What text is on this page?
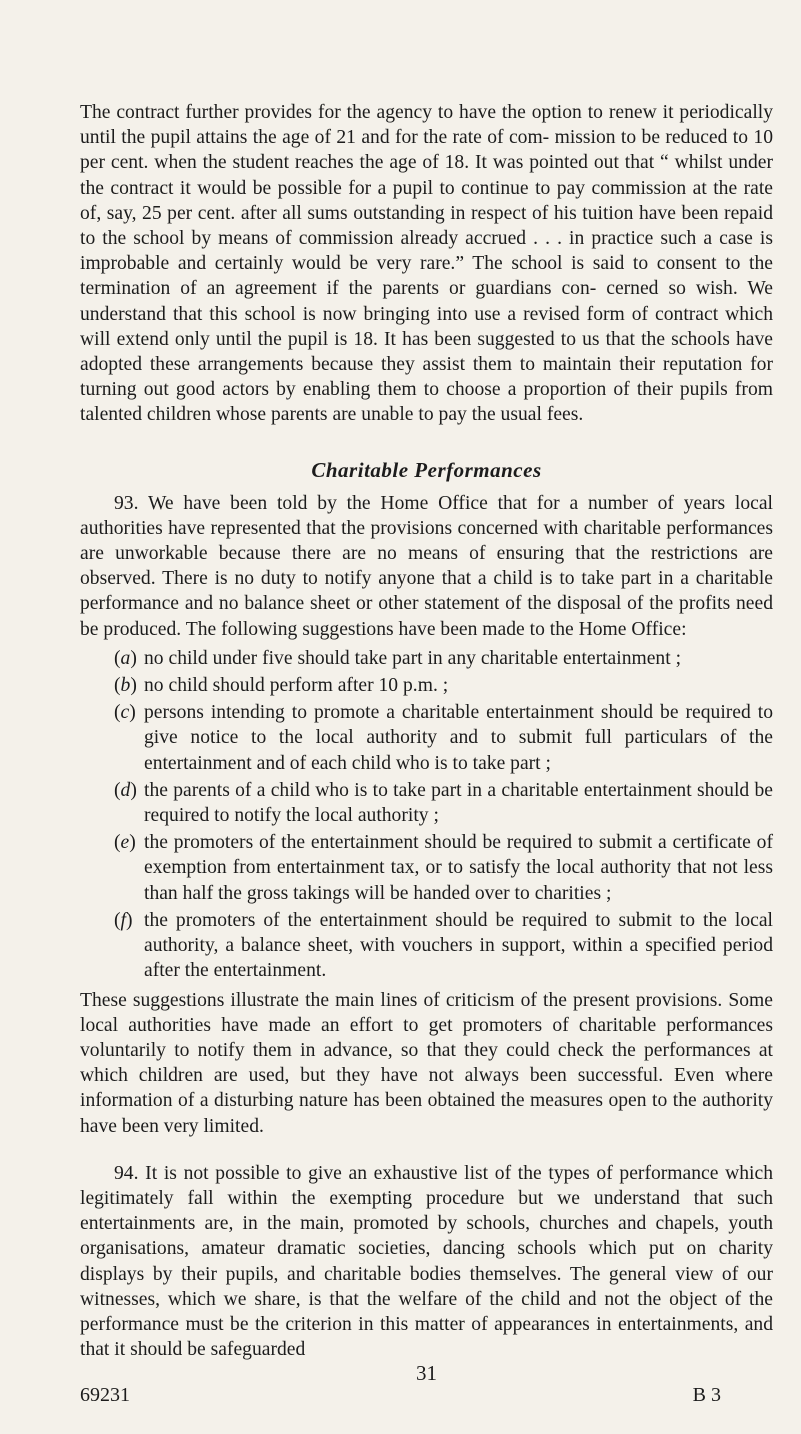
The contract further provides for the agency to have the option to renew it periodically until the pupil attains the age of 21 and for the rate of com- mission to be reduced to 10 per cent. when the student reaches the age of 18. It was pointed out that “ whilst under the contract it would be possible for a pupil to continue to pay commission at the rate of, say, 25 per cent. after all sums outstanding in respect of his tuition have been repaid to the school by means of commission already accrued . . . in practice such a case is improbable and certainly would be very rare.” The school is said to consent to the termination of an agreement if the parents or guardians con- cerned so wish. We understand that this school is now bringing into use a revised form of contract which will extend only until the pupil is 18. It has been suggested to us that the schools have adopted these arrangements because they assist them to maintain their reputation for turning out good actors by enabling them to choose a proportion of their pupils from talented children whose parents are unable to pay the usual fees.

Charitable Performances

93. We have been told by the Home Office that for a number of years local authorities have represented that the provisions concerned with charitable performances are unworkable because there are no means of ensuring that the restrictions are observed. There is no duty to notify anyone that a child is to take part in a charitable performance and no balance sheet or other statement of the disposal of the profits need be produced. The following suggestions have been made to the Home Office:

(a) no child under five should take part in any charitable entertainment ;
(b) no child should perform after 10 p.m. ;
(c) persons intending to promote a charitable entertainment should be required to give notice to the local authority and to submit full particulars of the entertainment and of each child who is to take part ;
(d) the parents of a child who is to take part in a charitable entertainment should be required to notify the local authority ;
(e) the promoters of the entertainment should be required to submit a certificate of exemption from entertainment tax, or to satisfy the local authority that not less than half the gross takings will be handed over to charities ;
(f) the promoters of the entertainment should be required to submit to the local authority, a balance sheet, with vouchers in support, within a specified period after the entertainment.

These suggestions illustrate the main lines of criticism of the present provisions. Some local authorities have made an effort to get promoters of charitable performances voluntarily to notify them in advance, so that they could check the performances at which children are used, but they have not always been successful. Even where information of a disturbing nature has been obtained the measures open to the authority have been very limited.

94. It is not possible to give an exhaustive list of the types of performance which legitimately fall within the exempting procedure but we understand that such entertainments are, in the main, promoted by schools, churches and chapels, youth organisations, amateur dramatic societies, dancing schools which put on charity displays by their pupils, and charitable bodies themselves. The general view of our witnesses, which we share, is that the welfare of the child and not the object of the performance must be the criterion in this matter of appearances in entertainments, and that it should be safeguarded

31
69231	B 3
